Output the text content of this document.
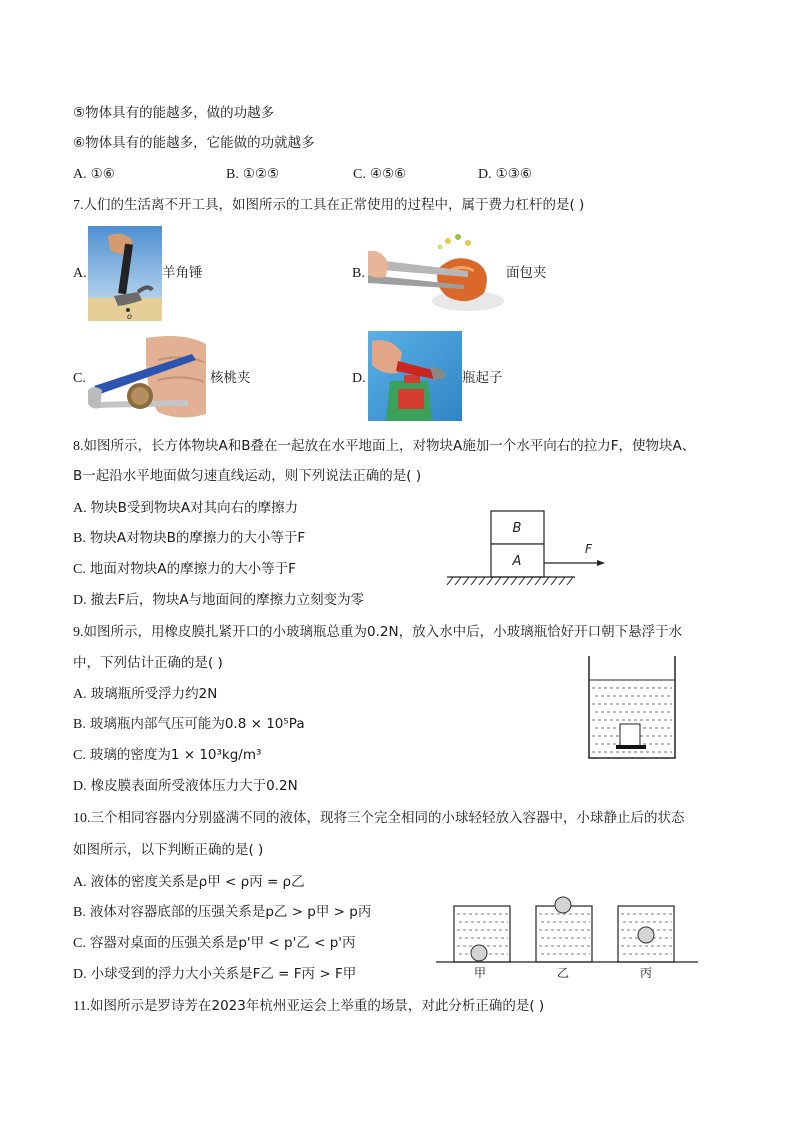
⑤物体具有的能越多，做的功越多
⑥物体具有的能越多，它能做的功就越多
A. ①⑥	B. ①②⑤	C. ④⑤⑥	D. ①③⑥
7.人们的生活离不开工具，如图所示的工具在正常使用的过程中，属于费力杠杆的是( )
A.
o
羊角锤	B.	面包夹
C.	核桃夹	D.	瓶起子
8.如图所示，长方体物块A和B叠在一起放在水平地面上，对物块A施加一个水平向右的拉力F，使物块A、
B一起沿水平地面做匀速直线运动，则下列说法正确的是( )
A. 物块B受到物块A对其向右的摩擦力
B. 物块A对物块B的摩擦力的大小等于F
C. 地面对物块A的摩擦力的大小等于F
D. 撤去F后，物块A与地面间的摩擦力立刻变为零
B
A
F
9.如图所示，用橡皮膜扎紧开口的小玻璃瓶总重为0.2N，放入水中后，小玻璃瓶恰好开口朝下悬浮于水
中，下列估计正确的是( )
A. 玻璃瓶所受浮力约2N
B. 玻璃瓶内部气压可能为0.8 × 10⁵Pa
C. 玻璃的密度为1 × 10³kg/m³
D. 橡皮膜表面所受液体压力大于0.2N
10.三个相同容器内分别盛满不同的液体，现将三个完全相同的小球轻轻放入容器中，小球静止后的状态
如图所示，以下判断正确的是( )
A. 液体的密度关系是ρ甲 < ρ丙 = ρ乙
B. 液体对容器底部的压强关系是p乙 > p甲 > p丙
C. 容器对桌面的压强关系是p'甲 < p'乙 < p'丙
D. 小球受到的浮力大小关系是F乙 = F丙 > F甲	甲	乙	丙
11.如图所示是罗诗芳在2023年杭州亚运会上举重的场景，对此分析正确的是( )
